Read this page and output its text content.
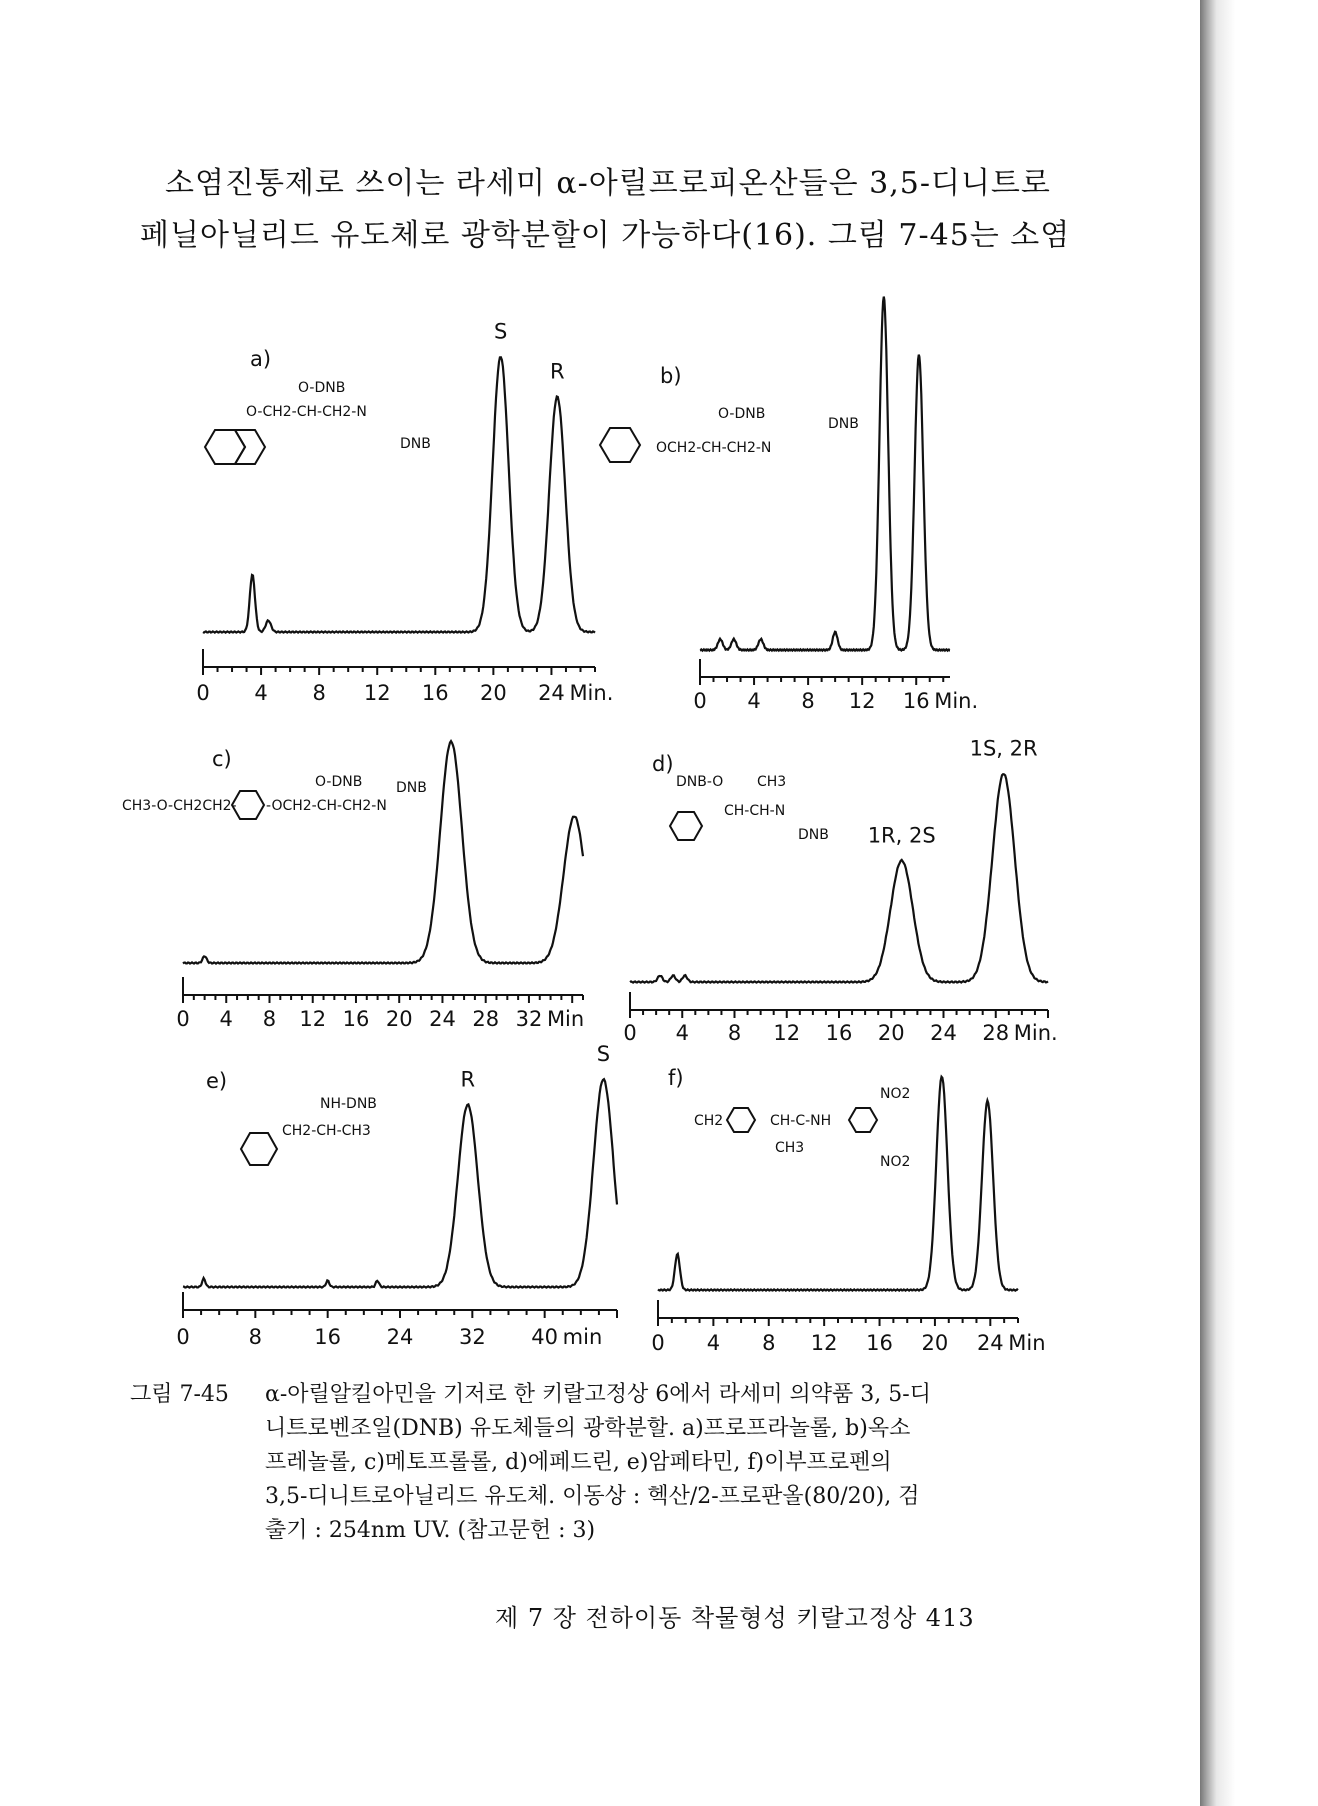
소염진통제로 쓰이는 라세미 α-아릴프로피온산들은 3,5-디니트로
페닐아닐리드 유도체로 광학분할이 가능하다(16). 그림 7-45는 소염
a)
O-DNB
O-CH2-CH-CH2-N
DNB
0 4 8 12 16 20 24 Min.
S
R	b)
O-DNB
OCH2-CH-CH2-N
DNB
0 4 8 12 16 Min.
c)
O-DNB
CH3-O-CH2CH2- -OCH2-CH-CH2-N
DNB
0 4 8 12 16 20 24 28 32 Min
d)
DNB-O CH3
CH-CH-N
DNB
0 4 8 12 16 20 24 28 Min.
1R, 2S
1S, 2R
e)
NH-DNB
CH2-CH-CH3
0	8 16 24 32 40 min
R
S
f)
NO2
CH2	CH-C-NH
CH3
NO2
0 4 8 12 16 20 24 Min
그림 7-45 α-아릴알킬아민을 기저로 한 키랄고정상 6에서 라세미 의약품 3, 5-디
니트로벤조일(DNB) 유도체들의 광학분할. a)프로프라놀롤, b)옥소
프레놀롤, c)메토프롤롤, d)에페드린, e)암페타민, f)이부프로펜의
3,5-디니트로아닐리드 유도체. 이동상 : 헥산/2-프로판올(80/20), 검
출기 : 254nm UV. (참고문헌 : 3)
제 7 장 전하이동 착물형성 키랄고정상 413
